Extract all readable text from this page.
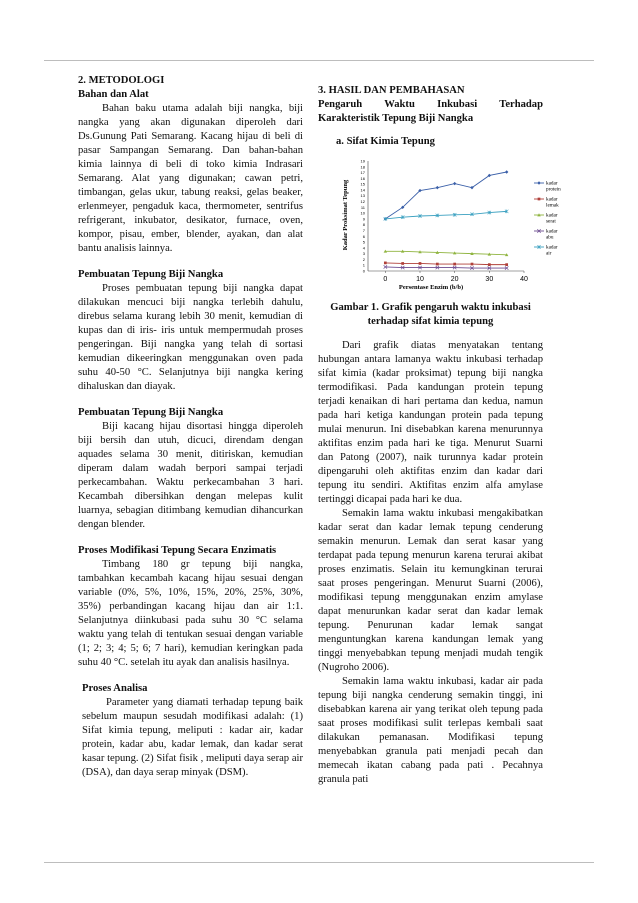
2. METODOLOGI
Bahan dan Alat

Bahan baku utama adalah biji nangka, biji nangka yang akan digunakan diperoleh dari Ds.Gunung Pati Semarang. Kacang hijau di beli di pasar Sampangan Semarang. Dan bahan-bahan kimia lainnya di beli di toko kimia Indrasari Semarang. Alat yang digunakan; cawan petri, timbangan, gelas ukur, tabung reaksi, gelas beaker, erlenmeyer, pengaduk kaca, thermometer, sentrifus refrigerant, inkubator, desikator, furnace, oven, kompor, pisau, ember, blender, ayakan, dan alat bantu analisis lainnya.

Pembuatan Tepung Biji Nangka

Proses pembuatan tepung biji nangka dapat dilakukan mencuci biji nangka terlebih dahulu, direbus selama kurang lebih 30 menit, kemudian di kupas dan di iris- iris untuk mempermudah proses pengeringan. Biji nangka yang telah di sortasi kemudian dikeeringkan menggunakan oven pada suhu 40-50 °C. Selanjutnya biji nangka kering dihaluskan dan diayak.

Pembuatan Tepung Biji Nangka

Biji kacang hijau disortasi hingga diperoleh biji bersih dan utuh, dicuci, direndam dengan aquades selama 30 menit, ditiriskan, kemudian diperam dalam wadah berpori sampai terjadi perkecambahan. Waktu perkecambahan 3 hari. Kecambah dibersihkan dengan melepas kulit luarnya, sebagian ditimbang kemudian dihancurkan dengan blender.

Proses Modifikasi Tepung Secara Enzimatis

Timbang 180 gr tepung biji nangka, tambahkan kecambah kacang hijau sesuai dengan variable (0%, 5%, 10%, 15%, 20%, 25%, 30%, 35%) perbandingan kacang hijau dan air 1:1. Selanjutnya diinkubasi pada suhu 30 °C selama waktu yang telah di tentukan sesuai dengan variable (1; 2; 3; 4; 5; 6; 7 hari), kemudian keringkan pada suhu 40 °C. setelah itu ayak dan analisis hasilnya.

Proses Analisa

Parameter yang diamati terhadap tepung baik sebelum maupun sesudah modifikasi adalah: (1) Sifat kimia tepung, meliputi : kadar air, kadar protein, kadar abu, kadar lemak, dan kadar serat kasar tepung. (2) Sifat fisik , meliputi daya serap air (DSA), dan daya serap minyak (DSM).

3. HASIL DAN PEMBAHASAN
Pengaruh Waktu Inkubasi Terhadap Karakteristik Tepung Biji Nangka
a. Sifat Kimia Tepung
0
1
2
3
4
5
6
7
8
9
10
11
12
13
14
15
16
17
18
19
0	10	20	30	40
kadar protein
kadar lemak
kadar serat
kadar abu
kadar air
Kadar Proksimat Tepung
Persentase Enzim (b/b)
Gambar 1. Grafik pengaruh waktu inkubasi terhadap sifat kimia tepung

Dari grafik diatas menyatakan tentang hubungan antara lamanya waktu inkubasi terhadap sifat kimia (kadar proksimat) tepung biji nangka termodifikasi. Pada kandungan protein tepung terjadi kenaikan di hari pertama dan kedua, namun pada hari ketiga kandungan protein pada tepung mulai menurun. Ini disebabkan karena menurunnya aktifitas enzim pada hari ke tiga. Menurut Suarni dan Patong (2007), naik turunnya kadar protein dipengaruhi oleh aktifitas enzim dan kadar dari tepung itu sendiri. Aktifitas enzim alfa amylase tertinggi dicapai pada hari ke dua.

Semakin lama waktu inkubasi mengakibatkan kadar serat dan kadar lemak tepung cenderung semakin menurun. Lemak dan serat kasar yang terdapat pada tepung menurun karena terurai akibat proses enzimatis. Selain itu kemungkinan terurai saat proses pengeringan. Menurut Suarni (2006), modifikasi tepung menggunakan enzim amylase dapat menurunkan kadar serat dan kadar lemak tepung. Penurunan kadar lemak sangat menguntungkan karena kandungan lemak yang tinggi menyebabkan tepung menjadi mudah tengik (Nugroho 2006).

Semakin lama waktu inkubasi, kadar air pada tepung biji nangka cenderung semakin tinggi, ini disebabkan karena air yang terikat oleh tepung pada saat proses modifikasi sulit terlepas kembali saat dilakukan pemanasan. Modifikasi tepung menyebabkan granula pati menjadi pecah dan memecah ikatan cabang pada pati . Pecahnya granula pati
